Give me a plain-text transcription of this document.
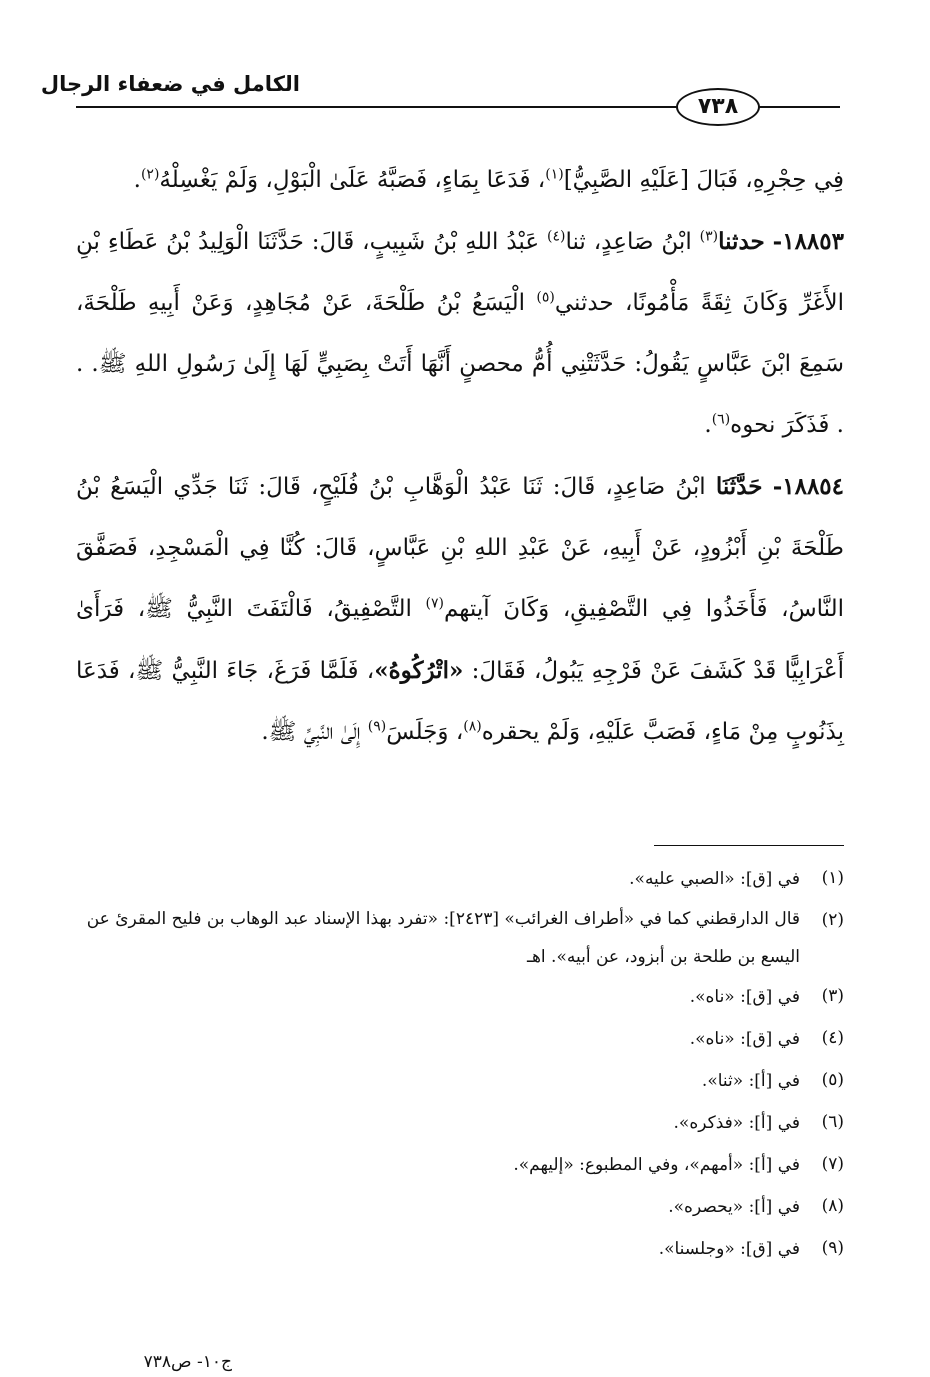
الكامل في ضعفاء الرجال
٧٣٨

فِي حِجْرِهِ، فَبَالَ [عَلَيْهِ الصَّبِيُّ]$^{(١)}$، فَدَعَا بِمَاءٍ، فَصَبَّهُ عَلَىٰ الْبَوْلِ، وَلَمْ يَغْسِلْهُ$^{(٢)}$.

١٨٨٥٣- حدثنا$^{(٣)}$ ابْنُ صَاعِدٍ، ثنا$^{(٤)}$ عَبْدُ اللهِ بْنُ شَبِيبٍ، قَالَ: حَدَّثَنَا الْوَلِيدُ بْنُ عَطَاءِ بْنِ الأَغَرِّ وَكَانَ ثِقَةً مَأْمُونًا، حدثني$^{(٥)}$ الْيَسَعُ بْنُ طَلْحَةَ، عَنْ مُجَاهِدٍ، وَعَنْ أَبِيهِ طَلْحَةَ، سَمِعَ ابْنَ عَبَّاسٍ يَقُولُ: حَدَّثَتْنِي أُمُّ محصنٍ أَنَّهَا أَتَتْ بِصَبِيٍّ لَهَا إِلَىٰ رَسُولِ اللهِ ﷺ. . . فَذَكَرَ نحوه$^{(٦)}$.

١٨٨٥٤- حَدَّثَنَا ابْنُ صَاعِدٍ، قَالَ: ثَنَا عَبْدُ الْوَهَّابِ بْنُ فُلَيْحٍ، قَالَ: ثَنَا جَدِّي الْيَسَعُ بْنُ طَلْحَةَ بْنِ أَبْزُودٍ، عَنْ أَبِيهِ، عَنْ عَبْدِ اللهِ بْنِ عَبَّاسٍ، قَالَ: كُنَّا فِي الْمَسْجِدِ، فَصَفَّقَ النَّاسُ، فَأَخَذُوا فِي التَّصْفِيقِ، وَكَانَ آيتهم$^{(٧)}$ التَّصْفِيقُ، فَالْتَفَتَ النَّبِيُّ ﷺ، فَرَأَىٰ أَعْرَابِيًّا قَدْ كَشَفَ عَنْ فَرْجِهِ يَبُولُ، فَقَالَ: «اتْرُكُوهُ»، فَلَمَّا فَرَغَ، جَاءَ النَّبِيُّ ﷺ، فَدَعَا بِذَنُوبٍ مِنْ مَاءٍ، فَصَبَّ عَلَيْهِ، وَلَمْ يحقره$^{(٨)}$، وَجَلَسَ$^{(٩)}$ إِلَىٰ النَّبِيِّ ﷺ.

(١)
في [ق]: «الصبي عليه».
(٢)
قال الدارقطني كما في «أطراف الغرائب» [٢٤٢٣]: «تفرد بهذا الإسناد عبد الوهاب بن فليح المقرئ عن اليسع بن طلحة بن أبزود، عن أبيه». اهـ
(٣)
في [ق]: «ناه».
(٤)
في [ق]: «ناه».
(٥)
في [أ]: «ثنا».
(٦)
في [أ]: «فذكره».
(٧)
في [أ]: «أمهم»، وفي المطبوع: «إليهم».
(٨)
في [أ]: «يحصره».
(٩)
في [ق]: «وجلسنا».
ج١٠- ص٧٣٨
